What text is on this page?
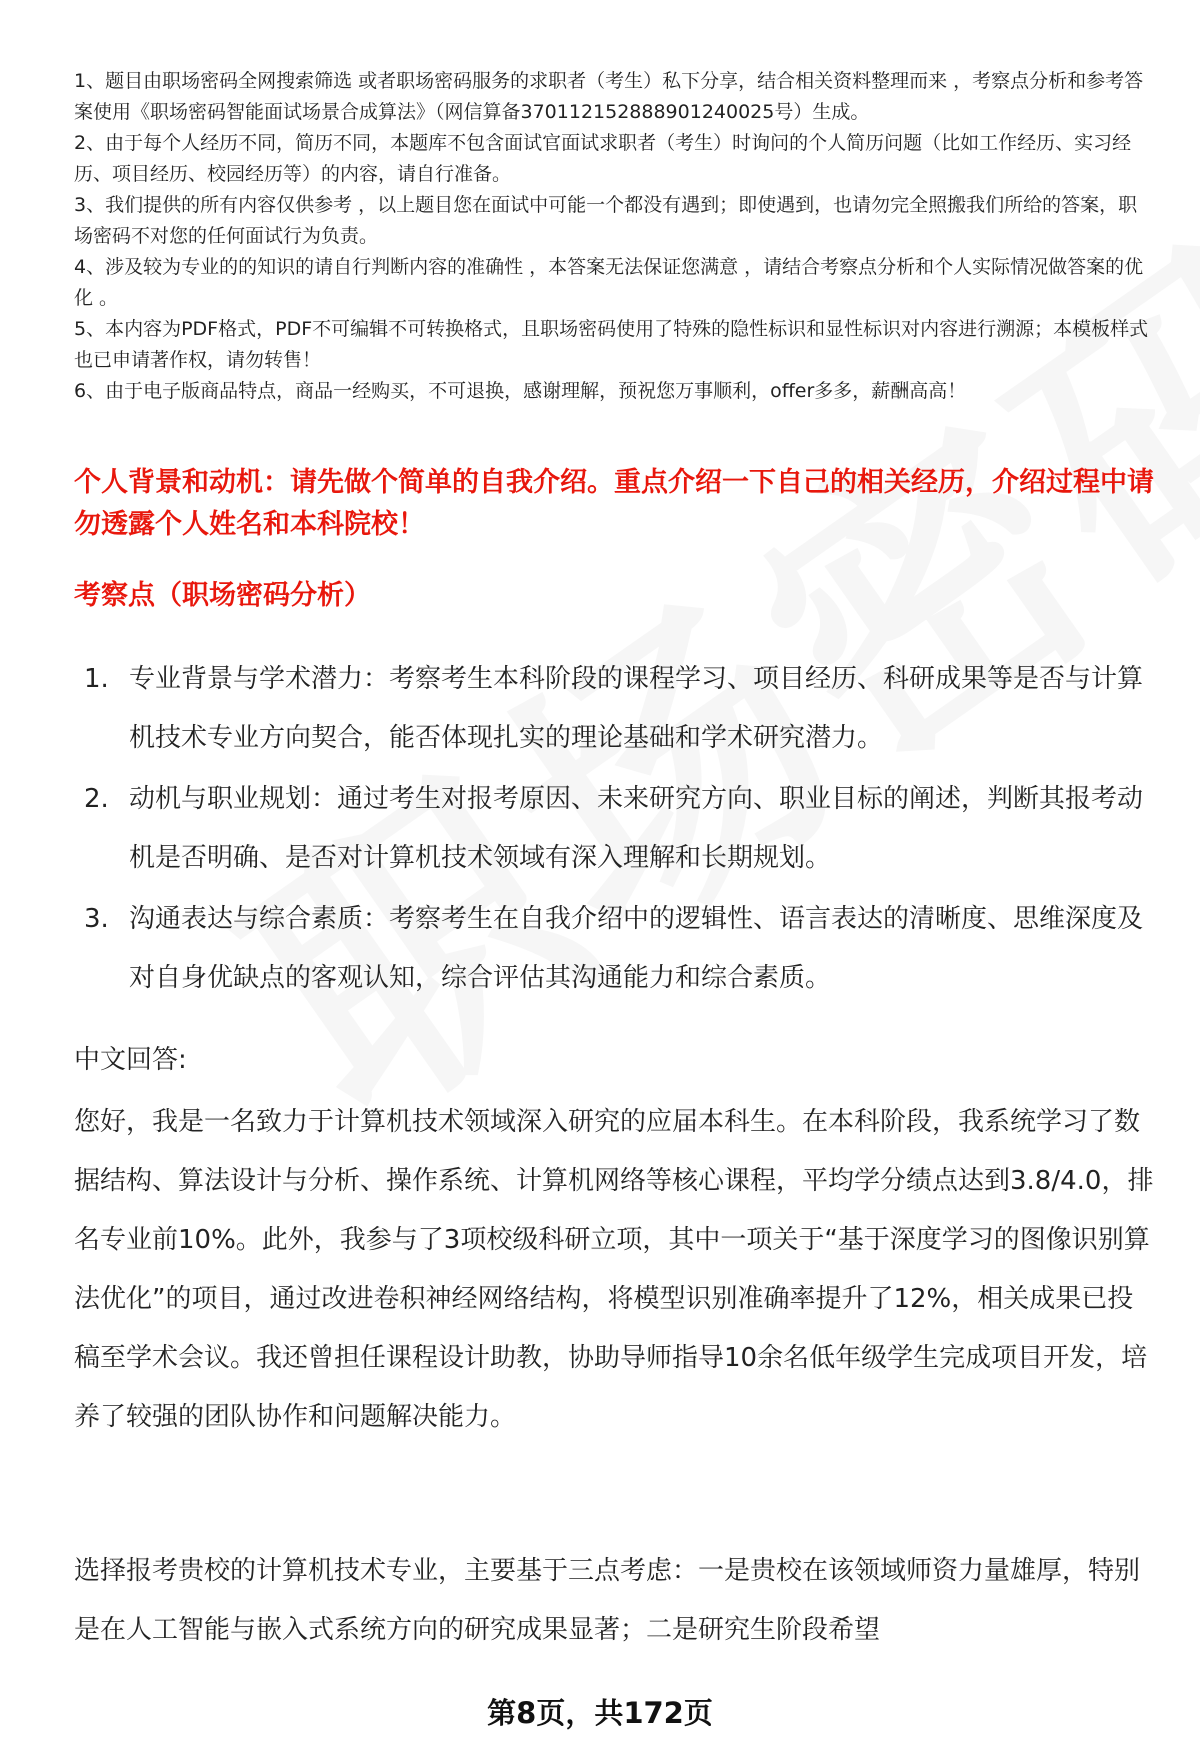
1、题目由职场密码全网搜索筛选 或者职场密码服务的求职者（考生）私下分享，结合相关资料整理而来 ，考察点分析和参考答案使用《职场密码智能面试场景合成算法》（网信算备370112152888901240025号）生成。

2、由于每个人经历不同，简历不同，本题库不包含面试官面试求职者（考生）时询问的个人简历问题（比如工作经历、实习经历、项目经历、校园经历等）的内容，请自行准备。

3、我们提供的所有内容仅供参考 ，以上题目您在面试中可能一个都没有遇到；即使遇到，也请勿完全照搬我们所给的答案，职场密码不对您的任何面试行为负责。

4、涉及较为专业的的知识的请自行判断内容的准确性 ，本答案无法保证您满意 ，请结合考察点分析和个人实际情况做答案的优化 。

5、本内容为PDF格式，PDF不可编辑不可转换格式，且职场密码使用了特殊的隐性标识和显性标识对内容进行溯源；本模板样式也已申请著作权，请勿转售！

6、由于电子版商品特点，商品一经购买，不可退换，感谢理解，预祝您万事顺利，offer多多，薪酬高高！

个人背景和动机：请先做个简单的自我介绍。重点介绍一下自己的相关经历，介绍过程中请勿透露个人姓名和本科院校！

考察点（职场密码分析）

1. 专业背景与学术潜力：考察考生本科阶段的课程学习、项目经历、科研成果等是否与计算机技术专业方向契合，能否体现扎实的理论基础和学术研究潜力。
2. 动机与职业规划：通过考生对报考原因、未来研究方向、职业目标的阐述，判断其报考动机是否明确、是否对计算机技术领域有深入理解和长期规划。
3. 沟通表达与综合素质：考察考生在自我介绍中的逻辑性、语言表达的清晰度、思维深度及对自身优缺点的客观认知，综合评估其沟通能力和综合素质。

中文回答:

您好，我是一名致力于计算机技术领域深入研究的应届本科生。在本科阶段，我系统学习了数据结构、算法设计与分析、操作系统、计算机网络等核心课程，平均学分绩点达到3.8/4.0，排名专业前10%。此外，我参与了3项校级科研立项，其中一项关于“基于深度学习的图像识别算法优化”的项目，通过改进卷积神经网络结构，将模型识别准确率提升了12%，相关成果已投稿至学术会议。我还曾担任课程设计助教，协助导师指导10余名低年级学生完成项目开发，培养了较强的团队协作和问题解决能力。

选择报考贵校的计算机技术专业，主要基于三点考虑：一是贵校在该领域师资力量雄厚，特别是在人工智能与嵌入式系统方向的研究成果显著；二是研究生阶段希望

第8页，共172页
